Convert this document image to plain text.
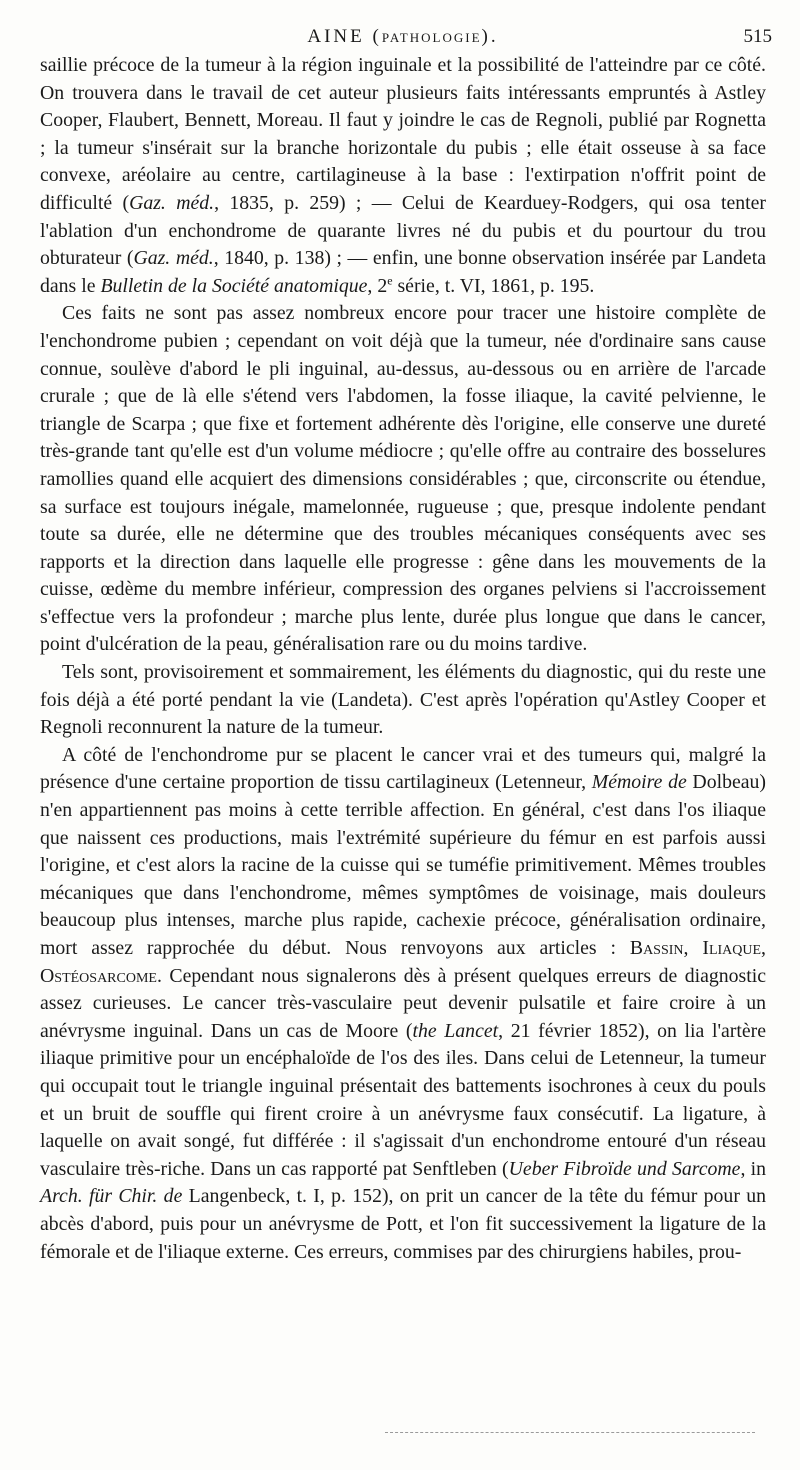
AINE (PATHOLOGIE).	515

saillie précoce de la tumeur à la région inguinale et la possibilité de l'atteindre par ce côté. On trouvera dans le travail de cet auteur plusieurs faits intéressants empruntés à Astley Cooper, Flaubert, Bennett, Moreau. Il faut y joindre le cas de Regnoli, publié par Rognetta ; la tumeur s'insérait sur la branche horizontale du pubis ; elle était osseuse à sa face convexe, aréolaire au centre, cartilagineuse à la base : l'extirpation n'offrit point de difficulté (Gaz. méd., 1835, p. 259) ; — Celui de Kearduey-Rodgers, qui osa tenter l'ablation d'un enchondrome de quarante livres né du pubis et du pourtour du trou obturateur (Gaz. méd., 1840, p. 138) ; — enfin, une bonne observation insérée par Landeta dans le Bulletin de la Société anatomique, 2e série, t. VI, 1861, p. 195.

Ces faits ne sont pas assez nombreux encore pour tracer une histoire complète de l'enchondrome pubien ; cependant on voit déjà que la tumeur, née d'ordinaire sans cause connue, soulève d'abord le pli inguinal, au-dessus, au-dessous ou en arrière de l'arcade crurale ; que de là elle s'étend vers l'abdomen, la fosse iliaque, la cavité pelvienne, le triangle de Scarpa ; que fixe et fortement adhérente dès l'origine, elle conserve une dureté très-grande tant qu'elle est d'un volume médiocre ; qu'elle offre au contraire des bosselures ramollies quand elle acquiert des dimensions considérables ; que, circonscrite ou étendue, sa surface est toujours inégale, mamelonnée, rugueuse ; que, presque indolente pendant toute sa durée, elle ne détermine que des troubles mécaniques conséquents avec ses rapports et la direction dans laquelle elle progresse : gêne dans les mouvements de la cuisse, œdème du membre inférieur, compression des organes pelviens si l'accroissement s'effectue vers la profondeur ; marche plus lente, durée plus longue que dans le cancer, point d'ulcération de la peau, généralisation rare ou du moins tardive.

Tels sont, provisoirement et sommairement, les éléments du diagnostic, qui du reste une fois déjà a été porté pendant la vie (Landeta). C'est après l'opération qu'Astley Cooper et Regnoli reconnurent la nature de la tumeur.

A côté de l'enchondrome pur se placent le cancer vrai et des tumeurs qui, malgré la présence d'une certaine proportion de tissu cartilagineux (Letenneur, Mémoire de Dolbeau) n'en appartiennent pas moins à cette terrible affection. En général, c'est dans l'os iliaque que naissent ces productions, mais l'extrémité supérieure du fémur en est parfois aussi l'origine, et c'est alors la racine de la cuisse qui se tuméfie primitivement. Mêmes troubles mécaniques que dans l'enchondrome, mêmes symptômes de voisinage, mais douleurs beaucoup plus intenses, marche plus rapide, cachexie précoce, généralisation ordinaire, mort assez rapprochée du début. Nous renvoyons aux articles : Bassin, Iliaque, Ostéosarcome. Cependant nous signalerons dès à présent quelques erreurs de diagnostic assez curieuses. Le cancer très-vasculaire peut devenir pulsatile et faire croire à un anévrysme inguinal. Dans un cas de Moore (the Lancet, 21 février 1852), on lia l'artère iliaque primitive pour un encéphaloïde de l'os des iles. Dans celui de Letenneur, la tumeur qui occupait tout le triangle inguinal présentait des battements isochrones à ceux du pouls et un bruit de souffle qui firent croire à un anévrysme faux consécutif. La ligature, à laquelle on avait songé, fut différée : il s'agissait d'un enchondrome entouré d'un réseau vasculaire très-riche. Dans un cas rapporté pat Senftleben (Ueber Fibroïde und Sarcome, in Arch. für Chir. de Langenbeck, t. I, p. 152), on prit un cancer de la tête du fémur pour un abcès d'abord, puis pour un anévrysme de Pott, et l'on fit successivement la ligature de la fémorale et de l'iliaque externe. Ces erreurs, commises par des chirurgiens habiles, prou-
